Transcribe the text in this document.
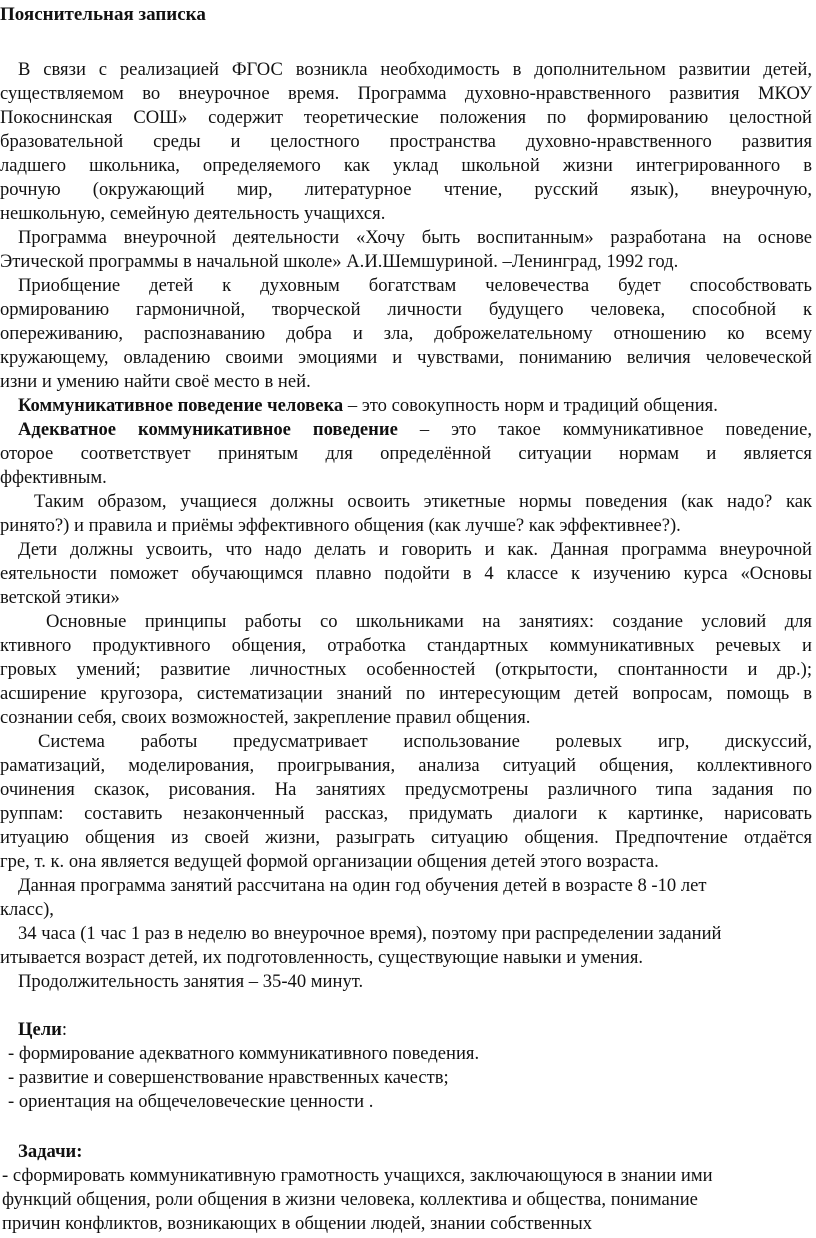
Пояснительная записка
В связи с реализацией ФГОС возникла необходимость в дополнительном развитии детей,
существляемом во внеурочное время. Программа духовно-нравственного развития МКОУ
Покоснинская СОШ» содержит теоретические положения по формированию целостной
бразовательной среды и целостного пространства духовно-нравственного развития
ладшего школьника, определяемого как уклад школьной жизни интегрированного в
рочную (окружающий мир, литературное чтение, русский язык), внеурочную,
нешкольную, семейную деятельность учащихся.
Программа внеурочной деятельности «Хочу быть воспитанным» разработана на основе
Этической программы в начальной школе» А.И.Шемшуриной. –Ленинград, 1992 год.
Приобщение детей к духовным богатствам человечества будет способствовать
ормированию гармоничной, творческой личности будущего человека, способной к
опереживанию, распознаванию добра и зла, доброжелательному отношению ко всему
кружающему, овладению своими эмоциями и чувствами, пониманию величия человеческой
изни и умению найти своё место в ней.
Коммуникативное поведение человека – это совокупность норм и традиций общения.
Адекватное коммуникативное поведение – это такое коммуникативное поведение,
оторое соответствует принятым для определённой ситуации нормам и является
ффективным.
Таким образом, учащиеся должны освоить этикетные нормы поведения (как надо? как
ринято?) и правила и приёмы эффективного общения (как лучше? как эффективнее?).
Дети должны усвоить, что надо делать и говорить и как. Данная программа внеурочной
еятельности поможет обучающимся плавно подойти в 4 классе к изучению курса «Основы
ветской этики»
Основные принципы работы со школьниками на занятиях: создание условий для
ктивного продуктивного общения, отработка стандартных коммуникативных речевых и
гровых умений; развитие личностных особенностей (открытости, спонтанности и др.);
асширение кругозора, систематизации знаний по интересующим детей вопросам, помощь в
сознании себя, своих возможностей, закрепление правил общения.
Система работы предусматривает использование ролевых игр, дискуссий,
раматизаций, моделирования, проигрывания, анализа ситуаций общения, коллективного
очинения сказок, рисования. На занятиях предусмотрены различного типа задания по
руппам: составить незаконченный рассказ, придумать диалоги к картинке, нарисовать
итуацию общения из своей жизни, разыграть ситуацию общения. Предпочтение отдаётся
гре, т. к. она является ведущей формой организации общения детей этого возраста.
Данная программа занятий рассчитана на один год обучения детей в возрасте 8 -10 лет
класс),
34 часа (1 час 1 раз в неделю во внеурочное время), поэтому при распределении заданий
итывается возраст детей, их подготовленность, существующие навыки и умения.
Продолжительность занятия – 35-40 минут.
Цели:
- формирование адекватного коммуникативного поведения.
- развитие и совершенствование нравственных качеств;
- ориентация на общечеловеческие ценности .
Задачи:
- сформировать коммуникативную грамотность учащихся, заключающуюся в знании ими
функций общения, роли общения в жизни человека, коллектива и общества, понимание
причин конфликтов, возникающих в общении людей, знании собственных
